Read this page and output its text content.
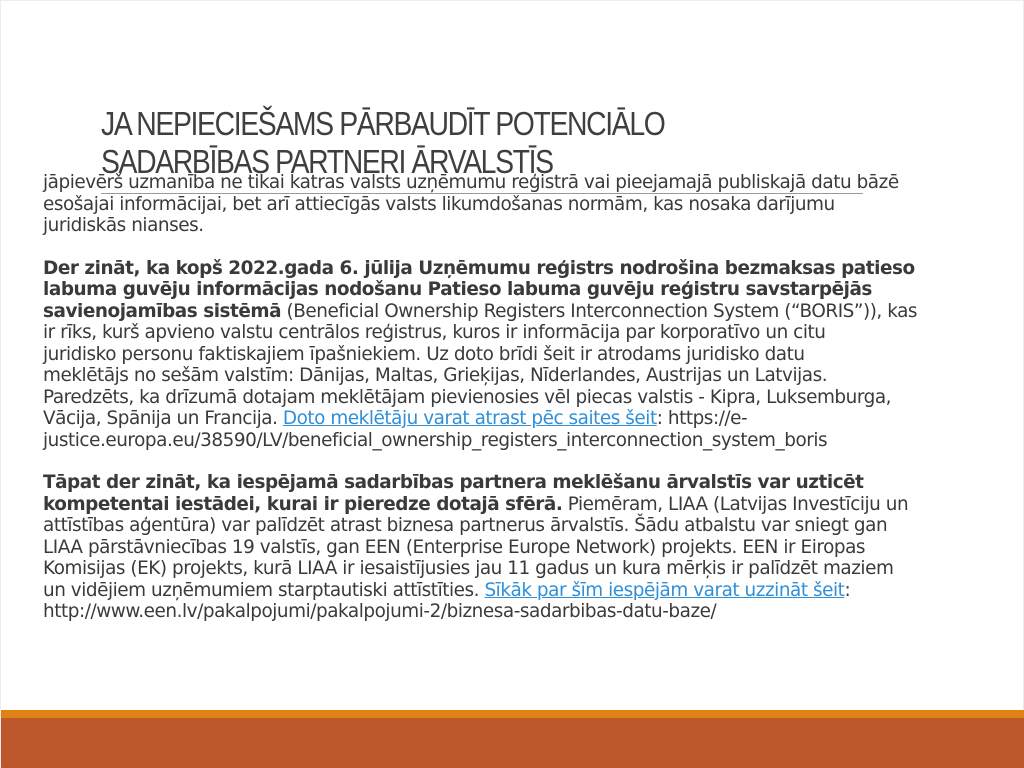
JA NEPIECIEŠAMS PĀRBAUDĪT POTENCIĀLO
SADARBĪBAS PARTNERI ĀRVALSTĪS

jāpievērš uzmanība ne tikai katras valsts uzņēmumu reģistrā vai pieejamajā publiskajā datu bāzē
esošajai informācijai, bet arī attiecīgās valsts likumdošanas normām, kas nosaka darījumu
juridiskās nianses.

Der zināt, ka kopš 2022.gada 6. jūlija Uzņēmumu reģistrs nodrošina bezmaksas patieso
labuma guvēju informācijas nodošanu Patieso labuma guvēju reģistru savstarpējās
savienojamības sistēmā (Beneficial Ownership Registers Interconnection System (“BORIS”)), kas
ir rīks, kurš apvieno valstu centrālos reģistrus, kuros ir informācija par korporatīvo un citu
juridisko personu faktiskajiem īpašniekiem. Uz doto brīdi šeit ir atrodams juridisko datu
meklētājs no sešām valstīm: Dānijas, Maltas, Grieķijas, Nīderlandes, Austrijas un Latvijas.
Paredzēts, ka drīzumā dotajam meklētājam pievienosies vēl piecas valstis - Kipra, Luksemburga,
Vācija, Spānija un Francija. Doto meklētāju varat atrast pēc saites šeit: https://e-
justice.europa.eu/38590/LV/beneficial_ownership_registers_interconnection_system_boris

Tāpat der zināt, ka iespējamā sadarbības partnera meklēšanu ārvalstīs var uzticēt
kompetentai iestādei, kurai ir pieredze dotajā sfērā. Piemēram, LIAA (Latvijas Investīciju un
attīstības aģentūra) var palīdzēt atrast biznesa partnerus ārvalstīs. Šādu atbalstu var sniegt gan
LIAA pārstāvniecības 19 valstīs, gan EEN (Enterprise Europe Network) projekts. EEN ir Eiropas
Komisijas (EK) projekts, kurā LIAA ir iesaistījusies jau 11 gadus un kura mērķis ir palīdzēt maziem
un vidējiem uzņēmumiem starptautiski attīstīties. Sīkāk par šīm iespējām varat uzzināt šeit:
http://www.een.lv/pakalpojumi/pakalpojumi-2/biznesa-sadarbibas-datu-baze/
